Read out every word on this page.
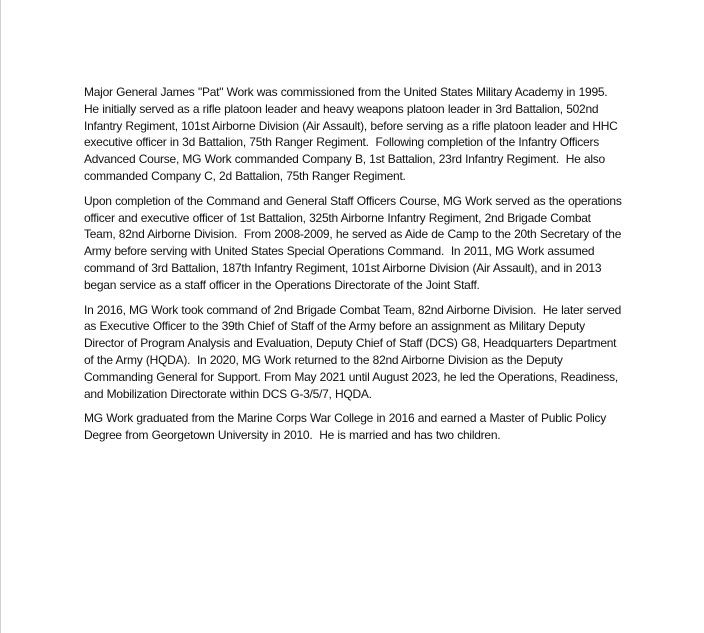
Major General James "Pat" Work was commissioned from the United States Military Academy in 1995. He initially served as a rifle platoon leader and heavy weapons platoon leader in 3rd Battalion, 502nd Infantry Regiment, 101st Airborne Division (Air Assault), before serving as a rifle platoon leader and HHC executive officer in 3d Battalion, 75th Ranger Regiment.  Following completion of the Infantry Officers Advanced Course, MG Work commanded Company B, 1st Battalion, 23rd Infantry Regiment.  He also commanded Company C, 2d Battalion, 75th Ranger Regiment.

Upon completion of the Command and General Staff Officers Course, MG Work served as the operations officer and executive officer of 1st Battalion, 325th Airborne Infantry Regiment, 2nd Brigade Combat Team, 82nd Airborne Division.  From 2008-2009, he served as Aide de Camp to the 20th Secretary of the Army before serving with United States Special Operations Command.  In 2011, MG Work assumed command of 3rd Battalion, 187th Infantry Regiment, 101st Airborne Division (Air Assault), and in 2013 began service as a staff officer in the Operations Directorate of the Joint Staff.

In 2016, MG Work took command of 2nd Brigade Combat Team, 82nd Airborne Division.  He later served as Executive Officer to the 39th Chief of Staff of the Army before an assignment as Military Deputy Director of Program Analysis and Evaluation, Deputy Chief of Staff (DCS) G8, Headquarters Department of the Army (HQDA).  In 2020, MG Work returned to the 82nd Airborne Division as the Deputy Commanding General for Support. From May 2021 until August 2023, he led the Operations, Readiness, and Mobilization Directorate within DCS G-3/5/7, HQDA.

MG Work graduated from the Marine Corps War College in 2016 and earned a Master of Public Policy Degree from Georgetown University in 2010.  He is married and has two children.
